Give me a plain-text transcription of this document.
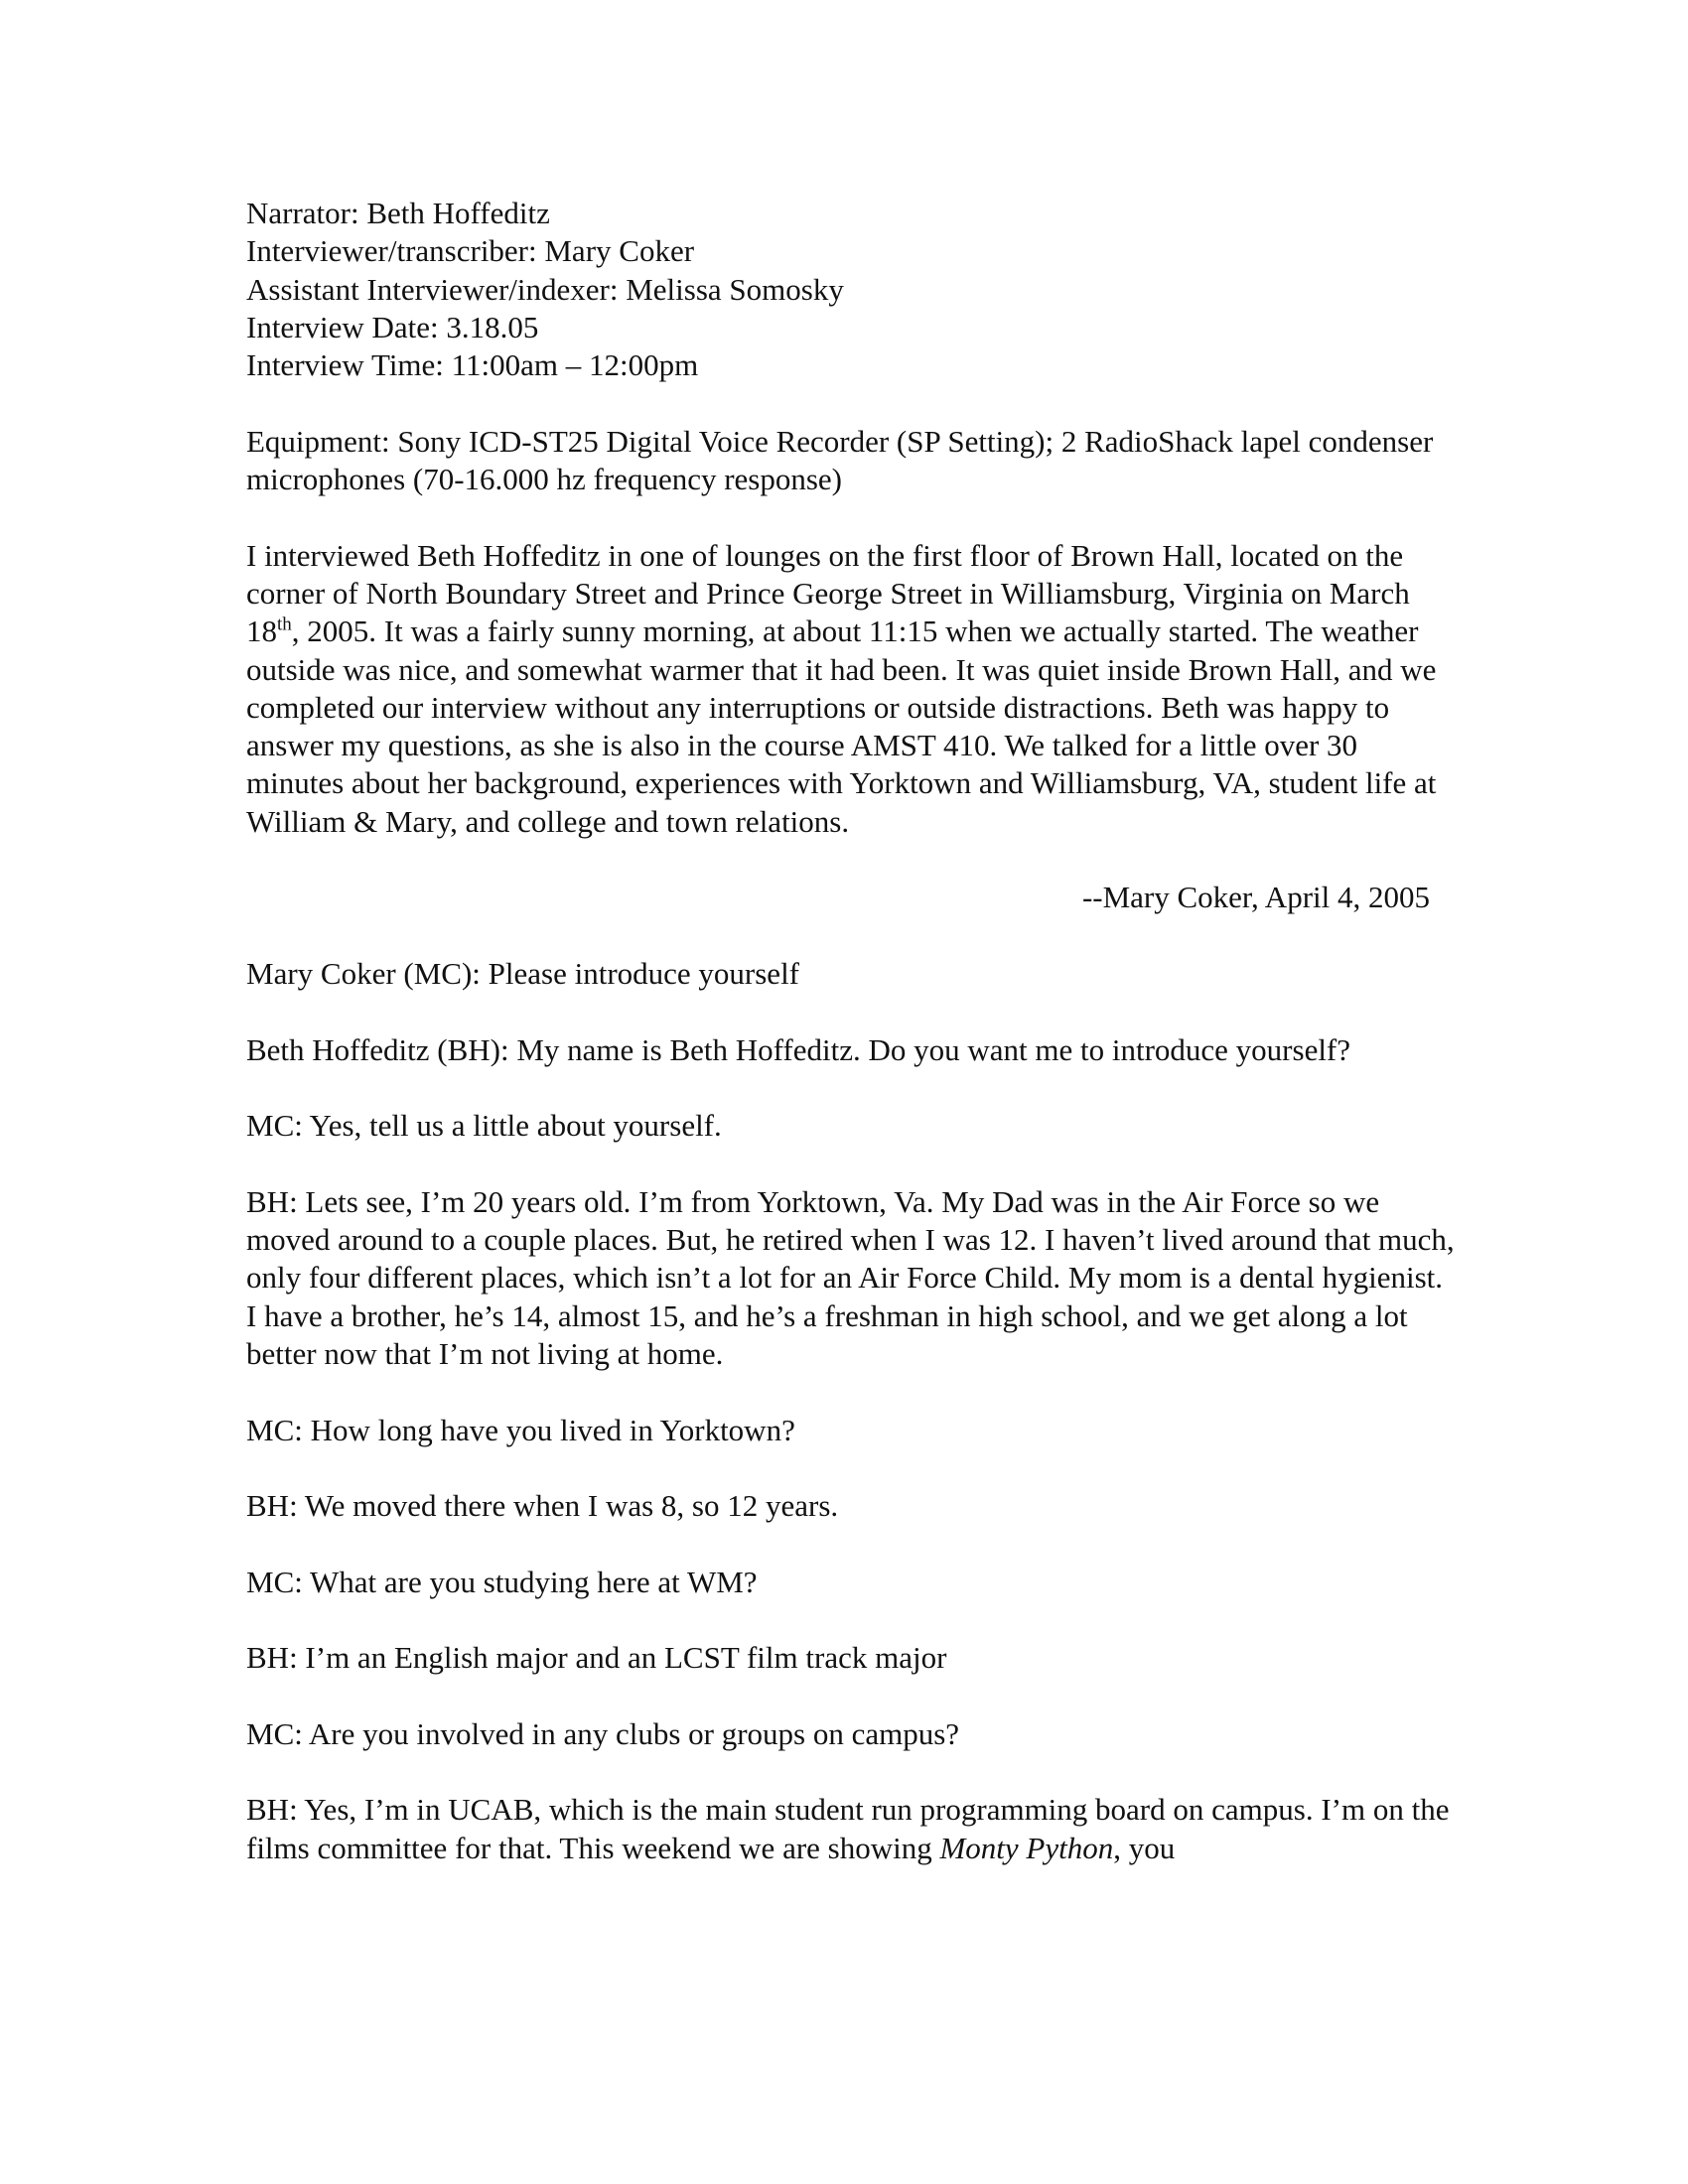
Narrator: Beth Hoffeditz

Interviewer/transcriber: Mary Coker

Assistant Interviewer/indexer: Melissa Somosky

Interview Date: 3.18.05

Interview Time: 11:00am – 12:00pm

Equipment: Sony ICD-ST25 Digital Voice Recorder (SP Setting); 2 RadioShack lapel condenser microphones (70-16.000 hz frequency response)

I interviewed Beth Hoffeditz in one of lounges on the first floor of Brown Hall, located on the corner of North Boundary Street and Prince George Street in Williamsburg, Virginia on March 18th, 2005. It was a fairly sunny morning, at about 11:15 when we actually started. The weather outside was nice, and somewhat warmer that it had been. It was quiet inside Brown Hall, and we completed our interview without any interruptions or outside distractions. Beth was happy to answer my questions, as she is also in the course AMST 410. We talked for a little over 30 minutes about her background, experiences with Yorktown and Williamsburg, VA, student life at William & Mary, and college and town relations.

--Mary Coker, April 4, 2005

Mary Coker (MC): Please introduce yourself

Beth Hoffeditz (BH): My name is Beth Hoffeditz. Do you want me to introduce yourself?

MC: Yes, tell us a little about yourself.

BH: Lets see, I’m 20 years old. I’m from Yorktown, Va. My Dad was in the Air Force so we moved around to a couple places. But, he retired when I was 12. I haven’t lived around that much, only four different places, which isn’t a lot for an Air Force Child. My mom is a dental hygienist. I have a brother, he’s 14, almost 15, and he’s a freshman in high school, and we get along a lot better now that I’m not living at home.

MC: How long have you lived in Yorktown?

BH: We moved there when I was 8, so 12 years.

MC: What are you studying here at WM?

BH: I’m an English major and an LCST film track major

MC: Are you involved in any clubs or groups on campus?

BH: Yes, I’m in UCAB, which is the main student run programming board on campus. I’m on the films committee for that. This weekend we are showing Monty Python, you
